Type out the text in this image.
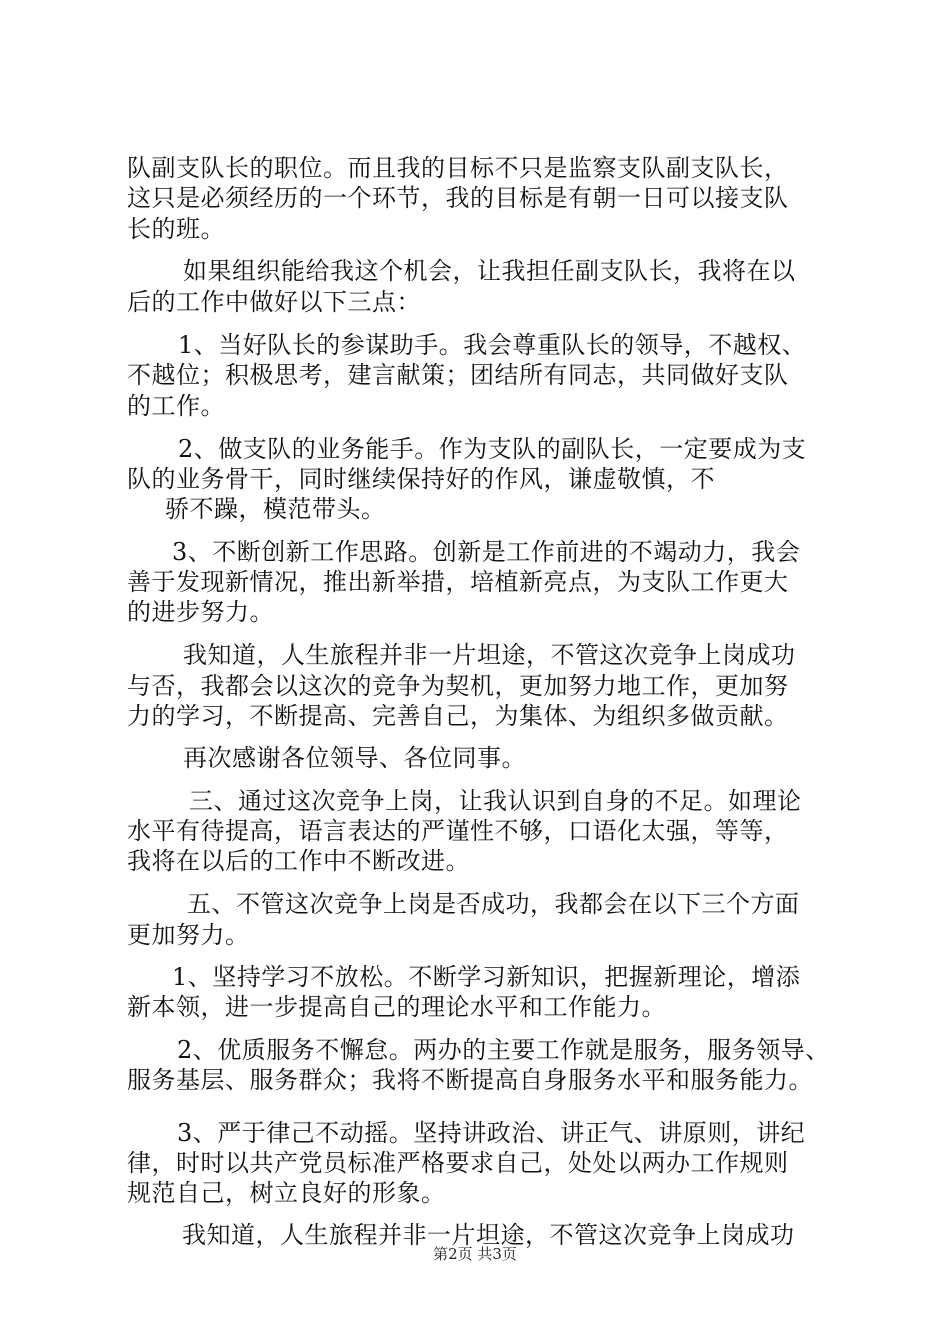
队副支队长的职位。而且我的目标不只是监察支队副支队长，
这只是必须经历的一个环节，我的目标是有朝一日可以接支队
长的班。
如果组织能给我这个机会，让我担任副支队长，我将在以
后的工作中做好以下三点：
1、当好队长的参谋助手。我会尊重队长的领导，不越权、
不越位；积极思考，建言献策；团结所有同志，共同做好支队
的工作。
2、做支队的业务能手。作为支队的副队长，一定要成为支
队的业务骨干，同时继续保持好的作风，谦虚敬慎，不
骄不躁，模范带头。
3、不断创新工作思路。创新是工作前进的不竭动力，我会
善于发现新情况，推出新举措，培植新亮点，为支队工作更大
的进步努力。
我知道，人生旅程并非一片坦途，不管这次竞争上岗成功
与否，我都会以这次的竞争为契机，更加努力地工作，更加努
力的学习，不断提高、完善自己，为集体、为组织多做贡献。
再次感谢各位领导、各位同事。
三、通过这次竞争上岗，让我认识到自身的不足。如理论
水平有待提高，语言表达的严谨性不够，口语化太强，等等，
我将在以后的工作中不断改进。
五、不管这次竞争上岗是否成功，我都会在以下三个方面
更加努力。
1、坚持学习不放松。不断学习新知识，把握新理论，增添
新本领，进一步提高自己的理论水平和工作能力。
2、优质服务不懈怠。两办的主要工作就是服务，服务领导、
服务基层、服务群众；我将不断提高自身服务水平和服务能力。
3、严于律己不动摇。坚持讲政治、讲正气、讲原则，讲纪
律，时时以共产党员标准严格要求自己，处处以两办工作规则
规范自己，树立良好的形象。
我知道，人生旅程并非一片坦途，不管这次竞争上岗成功
第2页 共3页
